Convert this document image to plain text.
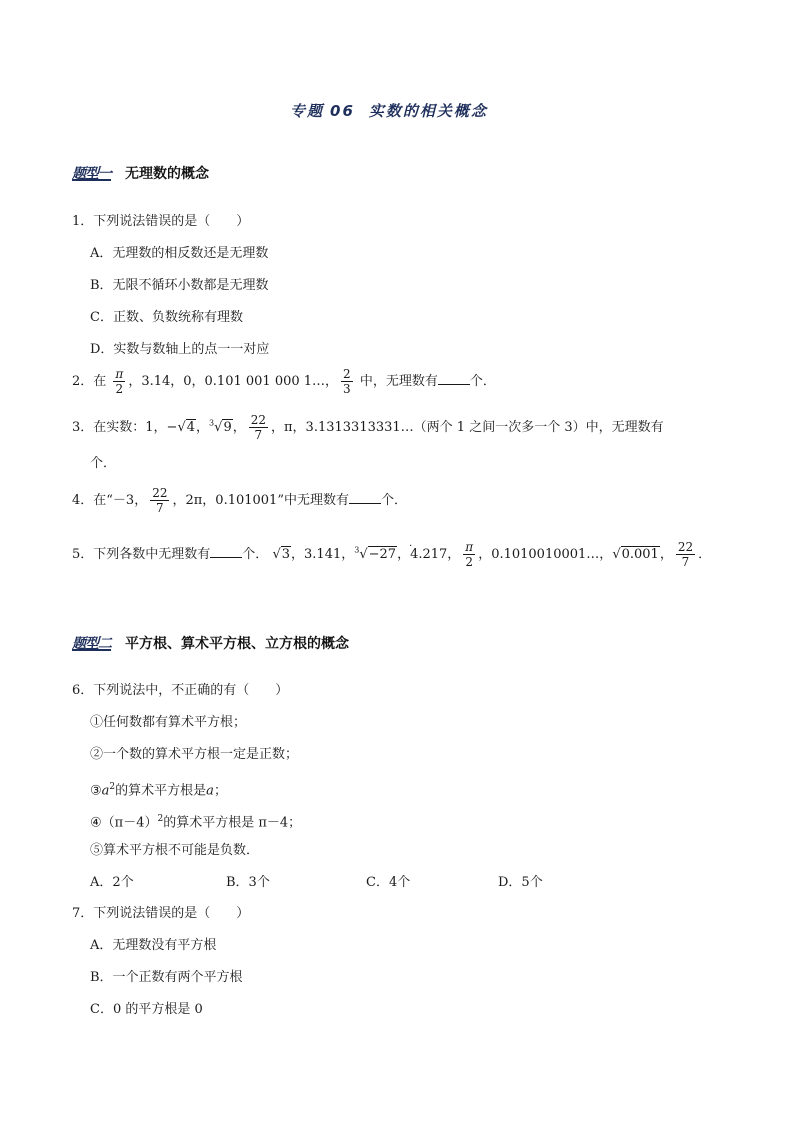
专题 06 实数的相关概念
题型一 无理数的概念
1．下列说法错误的是（　　）
A．无理数的相反数还是无理数
B．无限不循环小数都是无理数
C．正数、负数统称有理数
D．实数与数轴上的点一一对应
2．在 $\frac{\pi}{2}$ ，3.14，0，0.101 001 000 1…， $\frac{2}{3}$ 中，无理数有 个．
3．在实数：1，−√4，$^3$√9， $\frac{22}{7}$ ，π，3.1313313331…（两个 1 之间一次多一个 3）中，无理数有
个．
4．在“－3， $\frac{22}{7}$ ，2π，0.101001”中无理数有 个．
5．下列各数中无理数有 个． √3，3.141，$^3$√−27· ，4.217， $\frac{\pi}{2}$ ，0.1010010001…，√0.001， $\frac{22}{7}$ ．
题型二 平方根、算术平方根、立方根的概念
6．下列说法中，不正确的有（　　）
①任何数都有算术平方根；
②一个数的算术平方根一定是正数；
$③a^2$的算术平方根是a；
$④(\pi-4)^2$的算术平方根是 π－4；
⑤算术平方根不可能是负数．
A．2个	B．3个	C．4个	D．5个
7．下列说法错误的是（　　）
A．无理数没有平方根
B．一个正数有两个平方根
C．0 的平方根是 0
